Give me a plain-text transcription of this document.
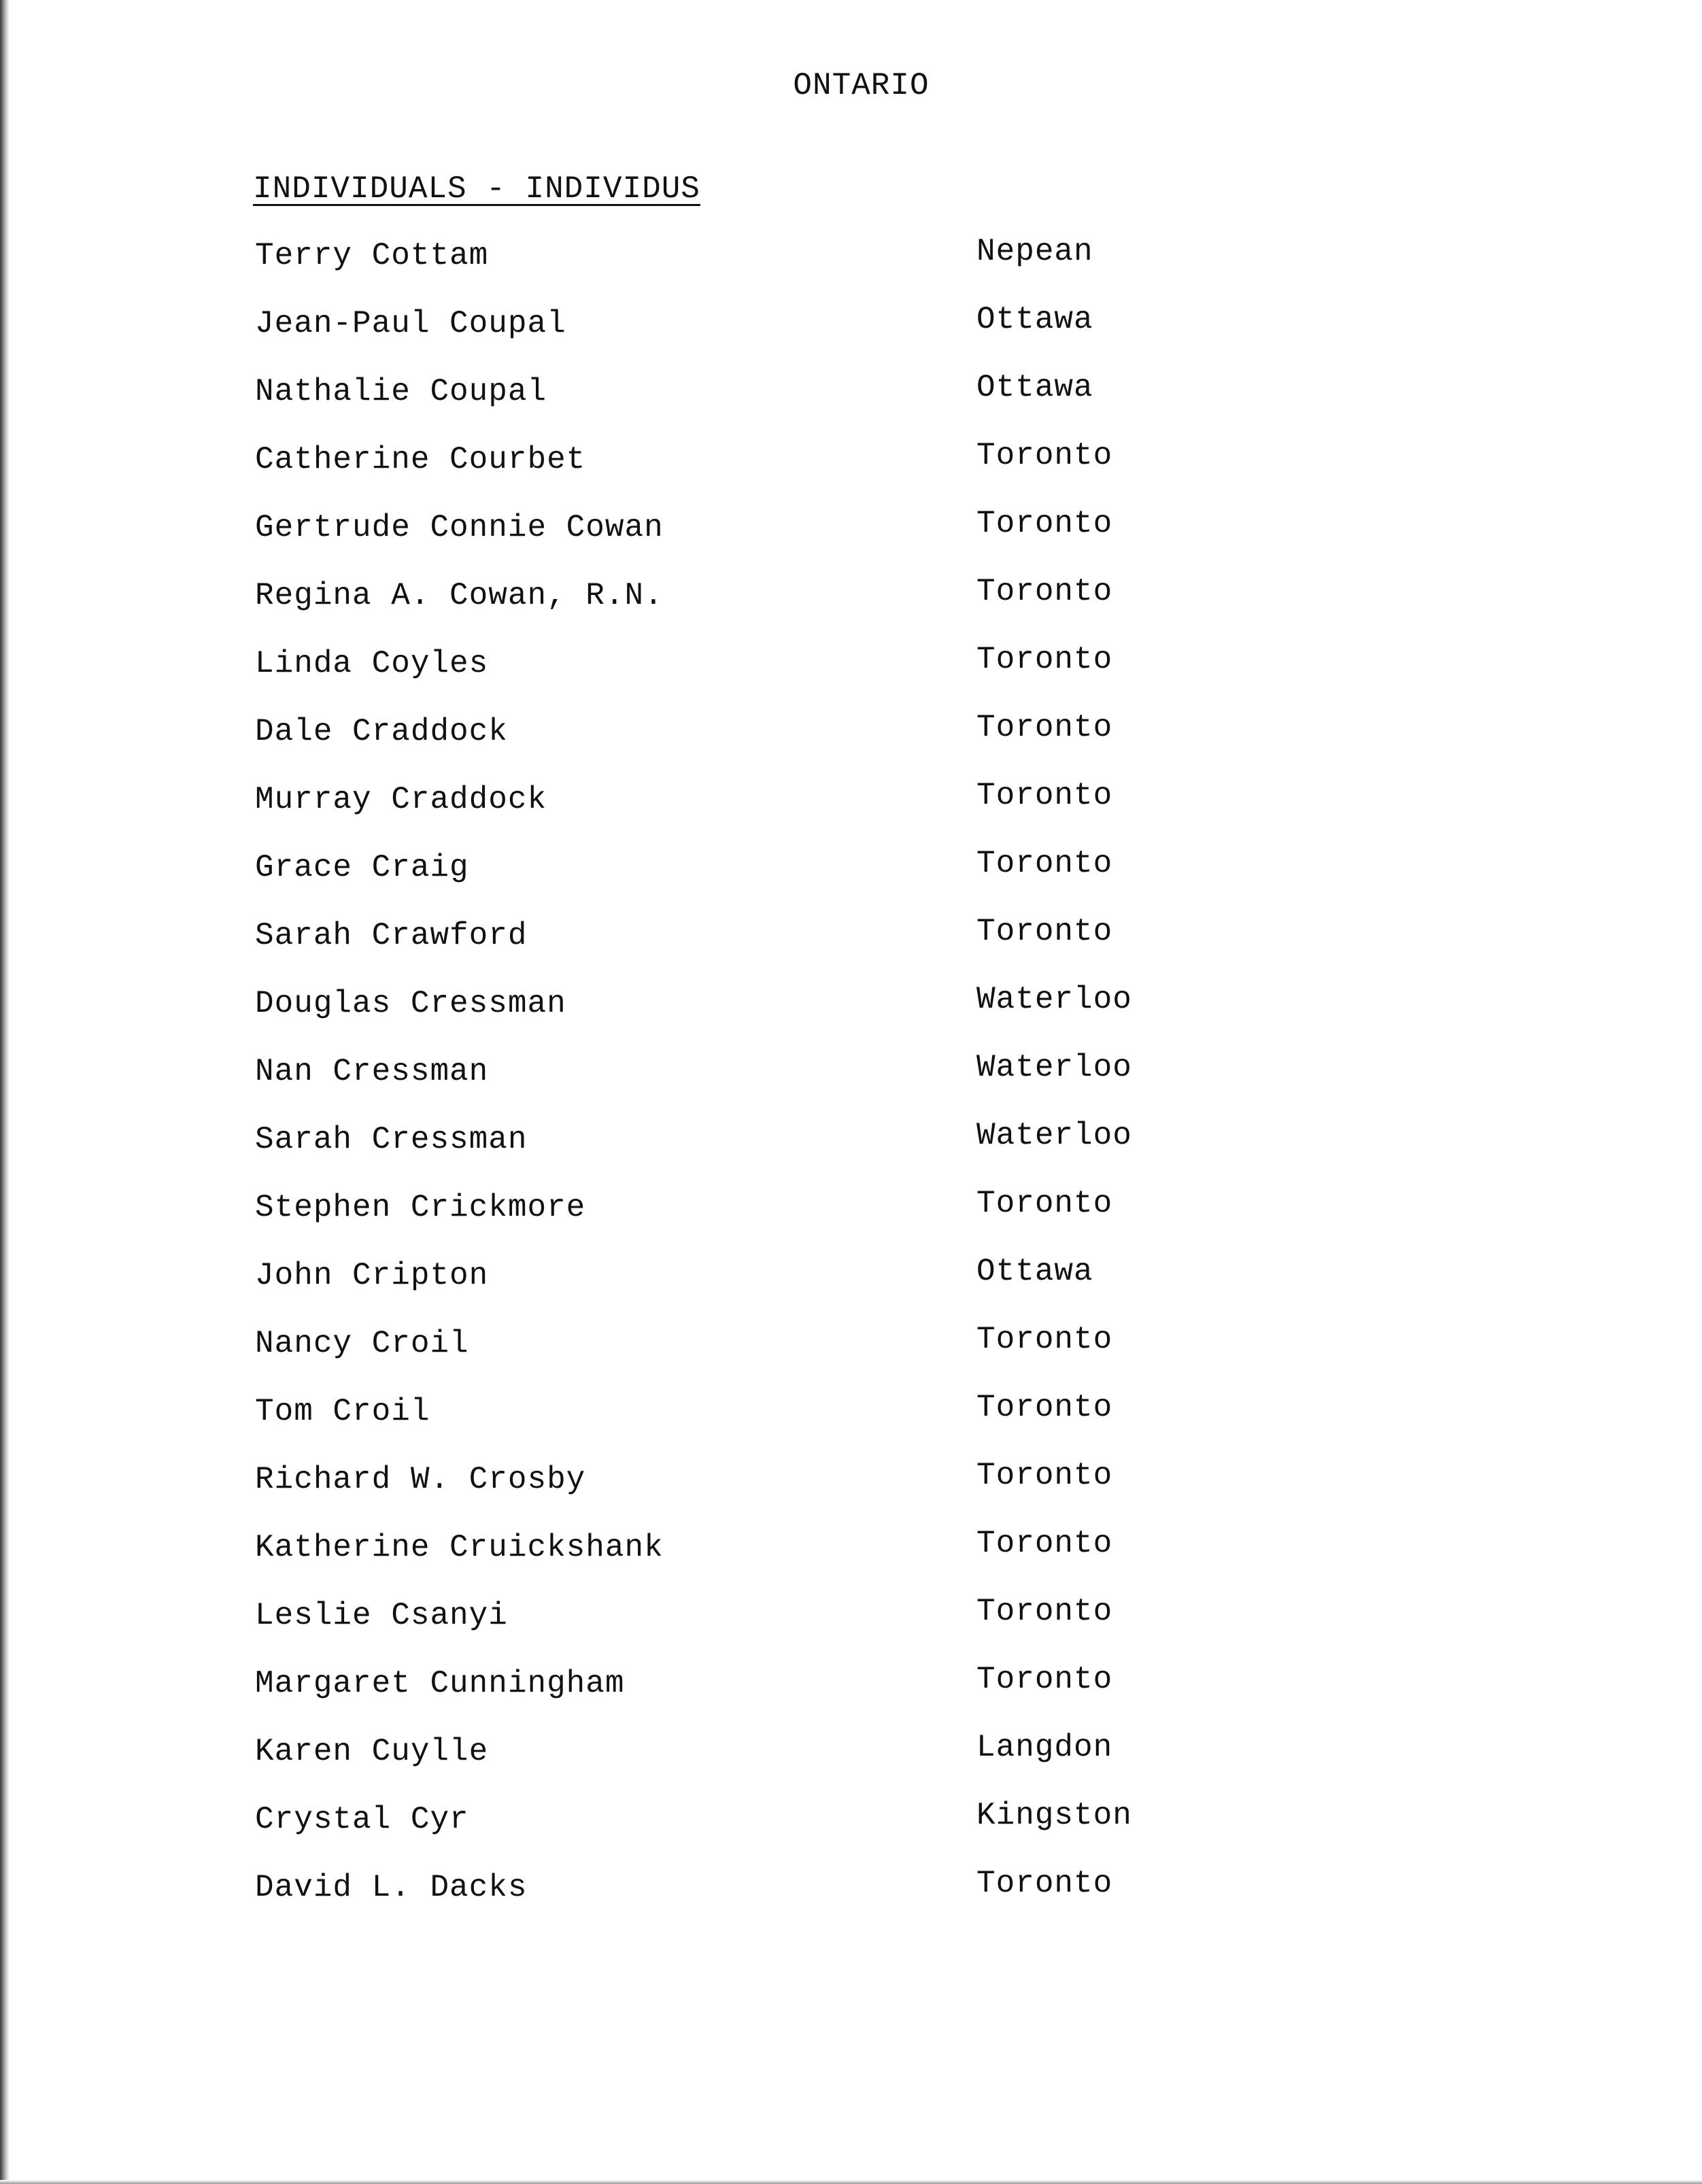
ONTARIO
INDIVIDUALS - INDIVIDUS
Terry Cottam	Nepean
Jean-Paul Coupal	Ottawa
Nathalie Coupal	Ottawa
Catherine Courbet	Toronto
Gertrude Connie Cowan	Toronto
Regina A. Cowan, R.N.	Toronto
Linda Coyles	Toronto
Dale Craddock	Toronto
Murray Craddock	Toronto
Grace Craig	Toronto
Sarah Crawford	Toronto
Douglas Cressman	Waterloo
Nan Cressman	Waterloo
Sarah Cressman	Waterloo
Stephen Crickmore	Toronto
John Cripton	Ottawa
Nancy Croil	Toronto
Tom Croil	Toronto
Richard W. Crosby	Toronto
Katherine Cruickshank	Toronto
Leslie Csanyi	Toronto
Margaret Cunningham	Toronto
Karen Cuylle	Langdon
Crystal Cyr	Kingston
David L. Dacks	Toronto
